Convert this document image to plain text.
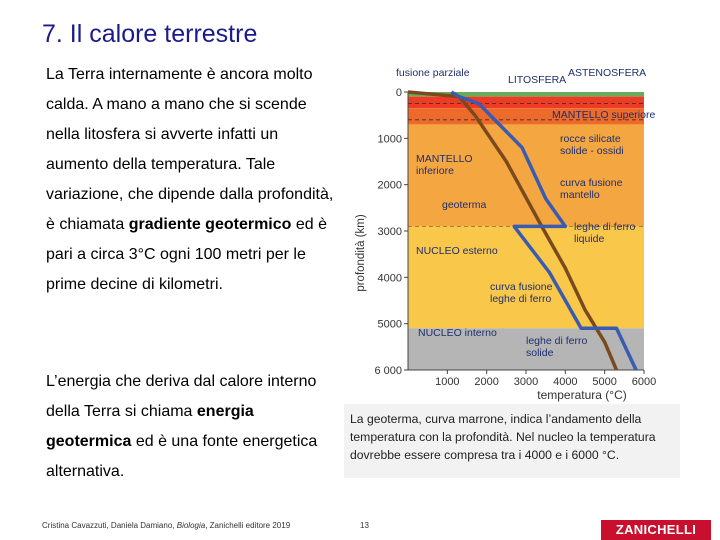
7. Il calore terrestre
La Terra internamente è ancora molto calda. A mano a mano che si scende nella litosfera si avverte infatti un aumento della temperatura. Tale variazione, che dipende dalla profondità, è chiamata gradiente geotermico ed è pari a circa 3°C ogni 100 metri per le prime decine di kilometri.
L’energia che deriva dal calore interno della Terra si chiama energia geotermica ed è una fonte energetica alternativa.
0
1000
2000
3000
4000
5000
6 000
1000 2000 3000 4000 5000 6000
fusione parziale
LITOSFERA
ASTENOSFERA
MANTELLO superiore
rocce silicate solide - ossidi
MANTELLO inferiore
curva fusione mantello
geoterma
leghe di ferro liquide
NUCLEO esterno
curva fusione leghe di ferro
NUCLEO interno
leghe di ferro solide
profondità (km)
temperatura (°C)
La geoterma, curva marrone, indica l’andamento della temperatura con la profondità. Nel nucleo la temperatura dovrebbe essere compresa tra i 4000 e i 6000 °C.
Cristina Cavazzuti, Daniela Damiano, Biologia, Zanichelli editore 2019	13	ZANICHELLI
